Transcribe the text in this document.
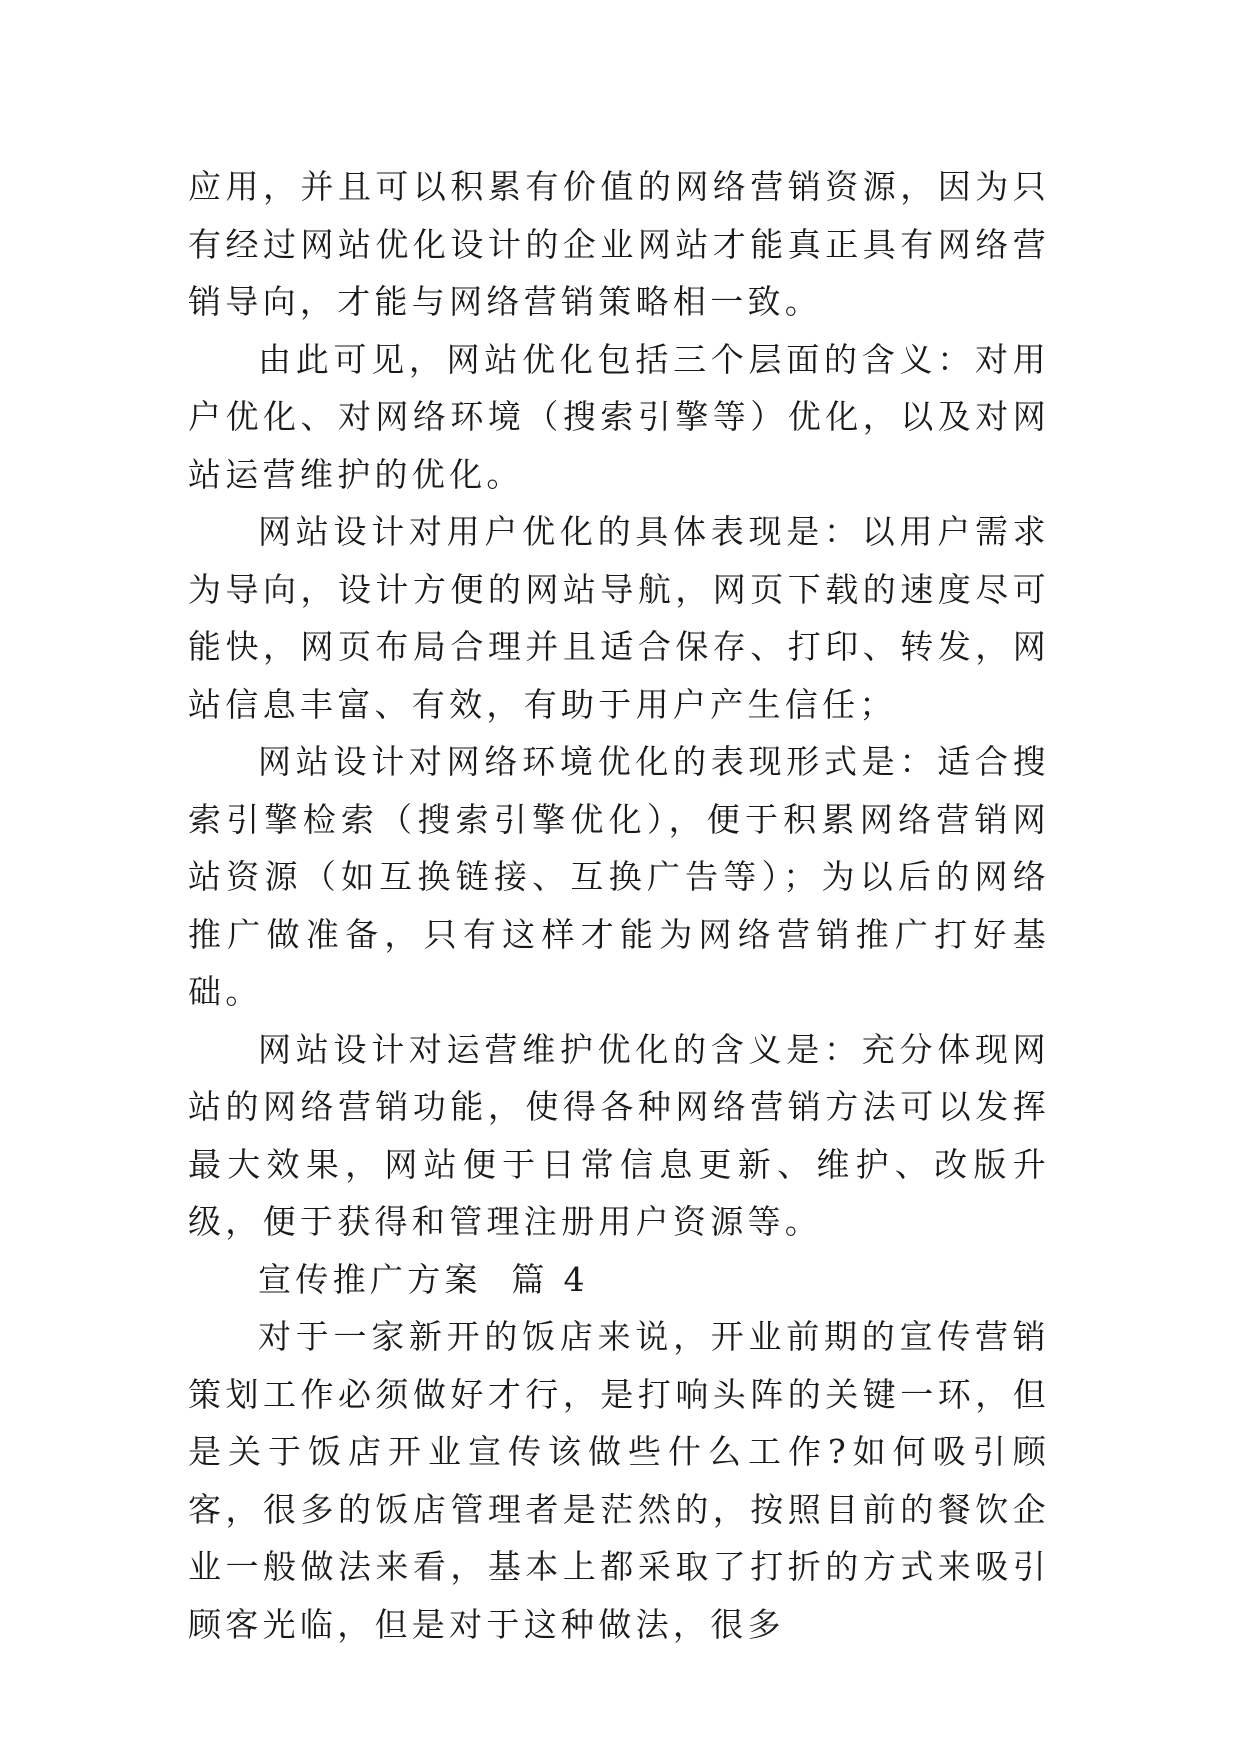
应用，并且可以积累有价值的网络营销资源，因为只有经过网站优化设计的企业网站才能真正具有网络营销导向，才能与网络营销策略相一致。

由此可见，网站优化包括三个层面的含义：对用户优化、对网络环境（搜索引擎等）优化，以及对网站运营维护的优化。

网站设计对用户优化的具体表现是：以用户需求为导向，设计方便的网站导航，网页下载的速度尽可能快，网页布局合理并且适合保存、打印、转发，网站信息丰富、有效，有助于用户产生信任；

网站设计对网络环境优化的表现形式是：适合搜索引擎检索（搜索引擎优化），便于积累网络营销网站资源（如互换链接、互换广告等）；为以后的网络推广做准备，只有这样才能为网络营销推广打好基础。

网站设计对运营维护优化的含义是：充分体现网站的网络营销功能，使得各种网络营销方法可以发挥最大效果，网站便于日常信息更新、维护、改版升级，便于获得和管理注册用户资源等。

宣传推广方案  篇 4

对于一家新开的饭店来说，开业前期的宣传营销策划工作必须做好才行，是打响头阵的关键一环，但是关于饭店开业宣传该做些什么工作?如何吸引顾客，很多的饭店管理者是茫然的，按照目前的餐饮企业一般做法来看，基本上都采取了打折的方式来吸引顾客光临，但是对于这种做法，很多
